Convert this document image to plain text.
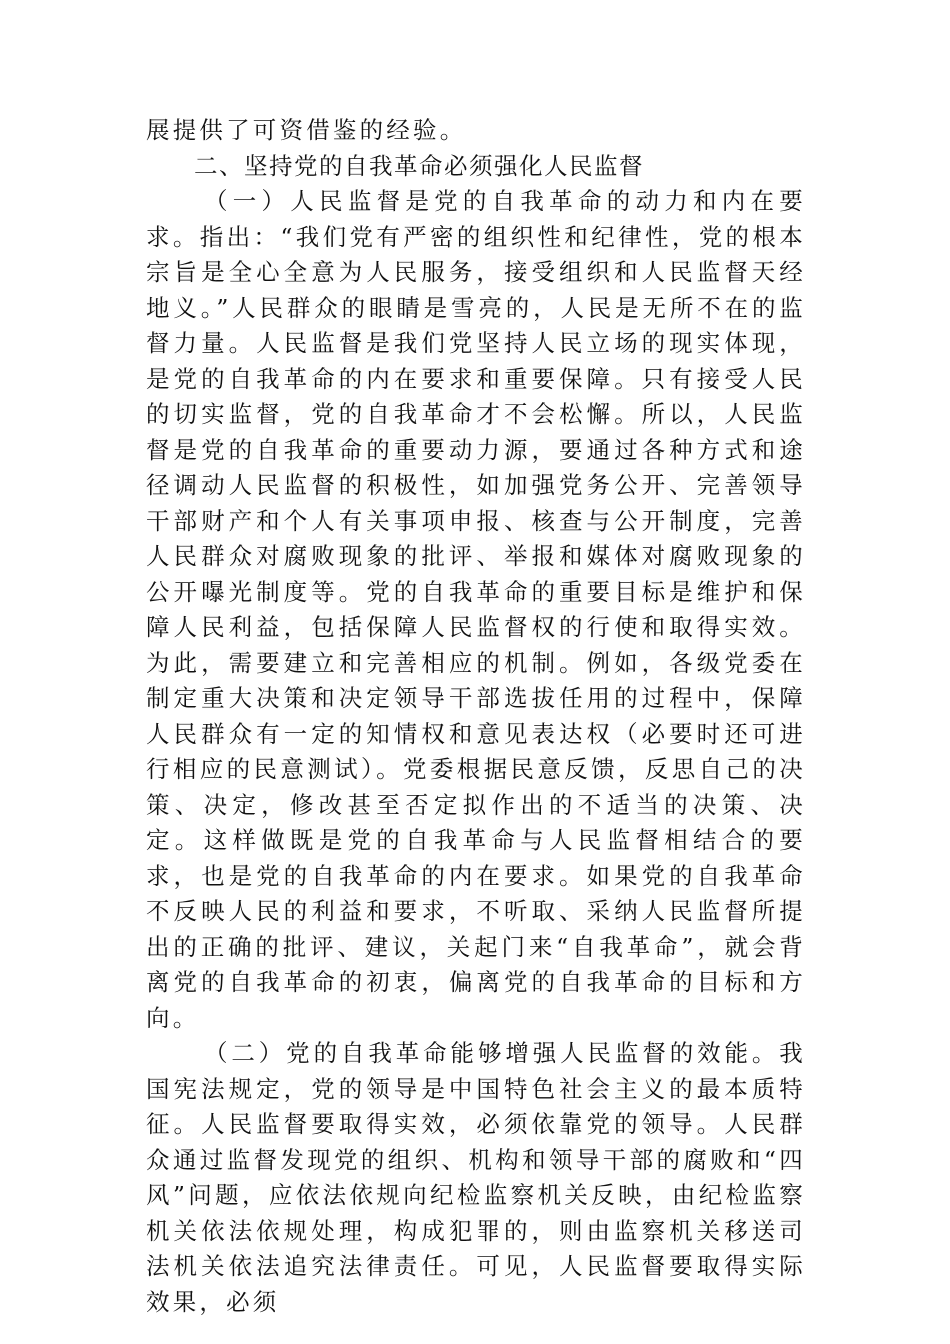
展提供了可资借鉴的经验。

二、坚持党的自我革命必须强化人民监督

（一）人民监督是党的自我革命的动力和内在要求。指出：“我们党有严密的组织性和纪律性，党的根本宗旨是全心全意为人民服务，接受组织和人民监督天经地义。”人民群众的眼睛是雪亮的，人民是无所不在的监督力量。人民监督是我们党坚持人民立场的现实体现，是党的自我革命的内在要求和重要保障。只有接受人民的切实监督，党的自我革命才不会松懈。所以，人民监督是党的自我革命的重要动力源，要通过各种方式和途径调动人民监督的积极性，如加强党务公开、完善领导干部财产和个人有关事项申报、核查与公开制度，完善人民群众对腐败现象的批评、举报和媒体对腐败现象的公开曝光制度等。党的自我革命的重要目标是维护和保障人民利益，包括保障人民监督权的行使和取得实效。为此，需要建立和完善相应的机制。例如，各级党委在制定重大决策和决定领导干部选拔任用的过程中，保障人民群众有一定的知情权和意见表达权（必要时还可进行相应的民意测试）。党委根据民意反馈，反思自己的决策、决定，修改甚至否定拟作出的不适当的决策、决定。这样做既是党的自我革命与人民监督相结合的要求，也是党的自我革命的内在要求。如果党的自我革命不反映人民的利益和要求，不听取、采纳人民监督所提出的正确的批评、建议，关起门来“自我革命”，就会背离党的自我革命的初衷，偏离党的自我革命的目标和方向。

（二）党的自我革命能够增强人民监督的效能。我国宪法规定，党的领导是中国特色社会主义的最本质特征。人民监督要取得实效，必须依靠党的领导。人民群众通过监督发现党的组织、机构和领导干部的腐败和“四风”问题，应依法依规向纪检监察机关反映，由纪检监察机关依法依规处理，构成犯罪的，则由监察机关移送司法机关依法追究法律责任。可见，人民监督要取得实际效果，必须
